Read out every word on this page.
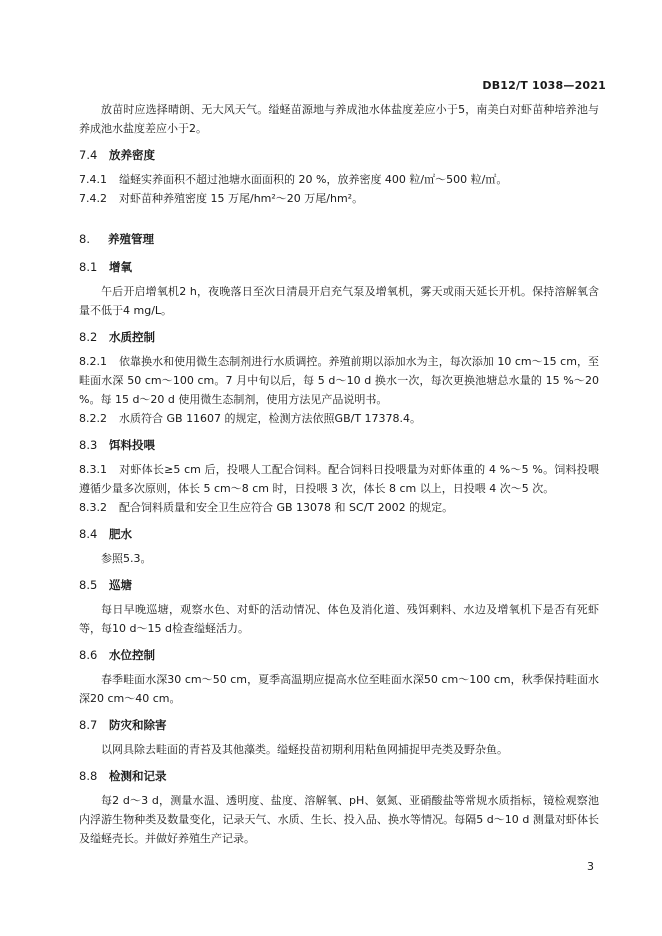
DB12/T 1038—2021

放苗时应选择晴朗、无大风天气。缢蛏苗源地与养成池水体盐度差应小于5，南美白对虾苗种培养池与养成池水盐度差应小于2。

7.4 放养密度

7.4.1 缢蛏实养面积不超过池塘水面面积的 20 %，放养密度 400 粒/㎡～500 粒/㎡。

7.4.2 对虾苗种养殖密度 15 万尾/hm²～20 万尾/hm²。

8. 养殖管理
8.1 增氧

午后开启增氧机2 h，夜晚落日至次日清晨开启充气泵及增氧机，雾天或雨天延长开机。保持溶解氧含量不低于4 mg/L。

8.2 水质控制

8.2.1 依靠换水和使用微生态制剂进行水质调控。养殖前期以添加水为主，每次添加 10 cm～15 cm，至畦面水深 50 cm～100 cm。7 月中旬以后，每 5 d～10 d 换水一次，每次更换池塘总水量的 15 %～20 %。每 15 d～20 d 使用微生态制剂，使用方法见产品说明书。

8.2.2 水质符合 GB 11607 的规定，检测方法依照GB/T 17378.4。

8.3 饵料投喂

8.3.1 对虾体长≥5 cm 后，投喂人工配合饲料。配合饲料日投喂量为对虾体重的 4 %～5 %。饲料投喂遵循少量多次原则，体长 5 cm～8 cm 时，日投喂 3 次，体长 8 cm 以上，日投喂 4 次～5 次。

8.3.2 配合饲料质量和安全卫生应符合 GB 13078 和 SC/T 2002 的规定。

8.4 肥水

参照5.3。

8.5 巡塘

每日早晚巡塘，观察水色、对虾的活动情况、体色及消化道、残饵剩料、水边及增氧机下是否有死虾等，每10 d～15 d检查缢蛏活力。

8.6 水位控制

春季畦面水深30 cm～50 cm，夏季高温期应提高水位至畦面水深50 cm～100 cm，秋季保持畦面水深20 cm～40 cm。

8.7 防灾和除害

以网具除去畦面的青苔及其他藻类。缢蛏投苗初期利用粘鱼网捕捉甲壳类及野杂鱼。

8.8 检测和记录

每2 d～3 d，测量水温、透明度、盐度、溶解氧、pH、氨氮、亚硝酸盐等常规水质指标，镜检观察池内浮游生物种类及数量变化，记录天气、水质、生长、投入品、换水等情况。每隔5 d～10 d 测量对虾体长及缢蛏壳长。并做好养殖生产记录。

3
